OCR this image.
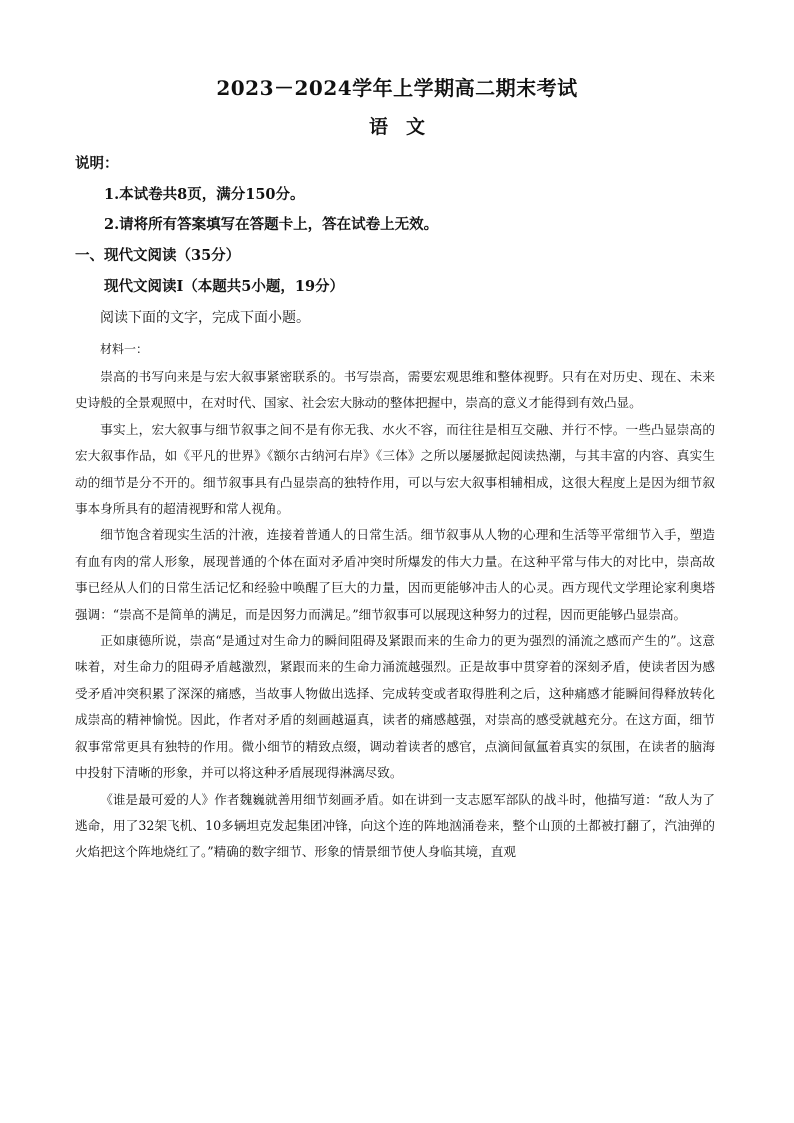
2023－2024学年上学期高二期末考试
语文
说明：
1.本试卷共8页，满分150分。
2.请将所有答案填写在答题卡上，答在试卷上无效。
一、现代文阅读（35分）
现代文阅读Ⅰ（本题共5小题，19分）
阅读下面的文字，完成下面小题。
材料一：

崇高的书写向来是与宏大叙事紧密联系的。书写崇高，需要宏观思维和整体视野。只有在对历史、现在、未来史诗般的全景观照中，在对时代、国家、社会宏大脉动的整体把握中，崇高的意义才能得到有效凸显。

事实上，宏大叙事与细节叙事之间不是有你无我、水火不容，而往往是相互交融、并行不悖。一些凸显崇高的宏大叙事作品，如《平凡的世界》《额尔古纳河右岸》《三体》之所以屡屡掀起阅读热潮，与其丰富的内容、真实生动的细节是分不开的。细节叙事具有凸显崇高的独特作用，可以与宏大叙事相辅相成，这很大程度上是因为细节叙事本身所具有的超清视野和常人视角。

细节饱含着现实生活的汁液，连接着普通人的日常生活。细节叙事从人物的心理和生活等平常细节入手，塑造有血有肉的常人形象，展现普通的个体在面对矛盾冲突时所爆发的伟大力量。在这种平常与伟大的对比中，崇高故事已经从人们的日常生活记忆和经验中唤醒了巨大的力量，因而更能够冲击人的心灵。西方现代文学理论家利奥塔强调：“崇高不是简单的满足，而是因努力而满足。”细节叙事可以展现这种努力的过程，因而更能够凸显崇高。

正如康德所说，崇高“是通过对生命力的瞬间阻碍及紧跟而来的生命力的更为强烈的涌流之感而产生的”。这意味着，对生命力的阻碍矛盾越激烈，紧跟而来的生命力涌流越强烈。正是故事中贯穿着的深刻矛盾，使读者因为感受矛盾冲突积累了深深的痛感，当故事人物做出选择、完成转变或者取得胜利之后，这种痛感才能瞬间得释放转化成崇高的精神愉悦。因此，作者对矛盾的刻画越逼真，读者的痛感越强，对崇高的感受就越充分。在这方面，细节叙事常常更具有独特的作用。微小细节的精致点缀，调动着读者的感官，点滴间氤氲着真实的氛围，在读者的脑海中投射下清晰的形象，并可以将这种矛盾展现得淋漓尽致。

《谁是最可爱的人》作者魏巍就善用细节刻画矛盾。如在讲到一支志愿军部队的战斗时，他描写道：“敌人为了逃命，用了32架飞机、10多辆坦克发起集团冲锋，向这个连的阵地汹涌卷来，整个山顶的土都被打翻了，汽油弹的火焰把这个阵地烧红了。”精确的数字细节、形象的情景细节使人身临其境，直观
